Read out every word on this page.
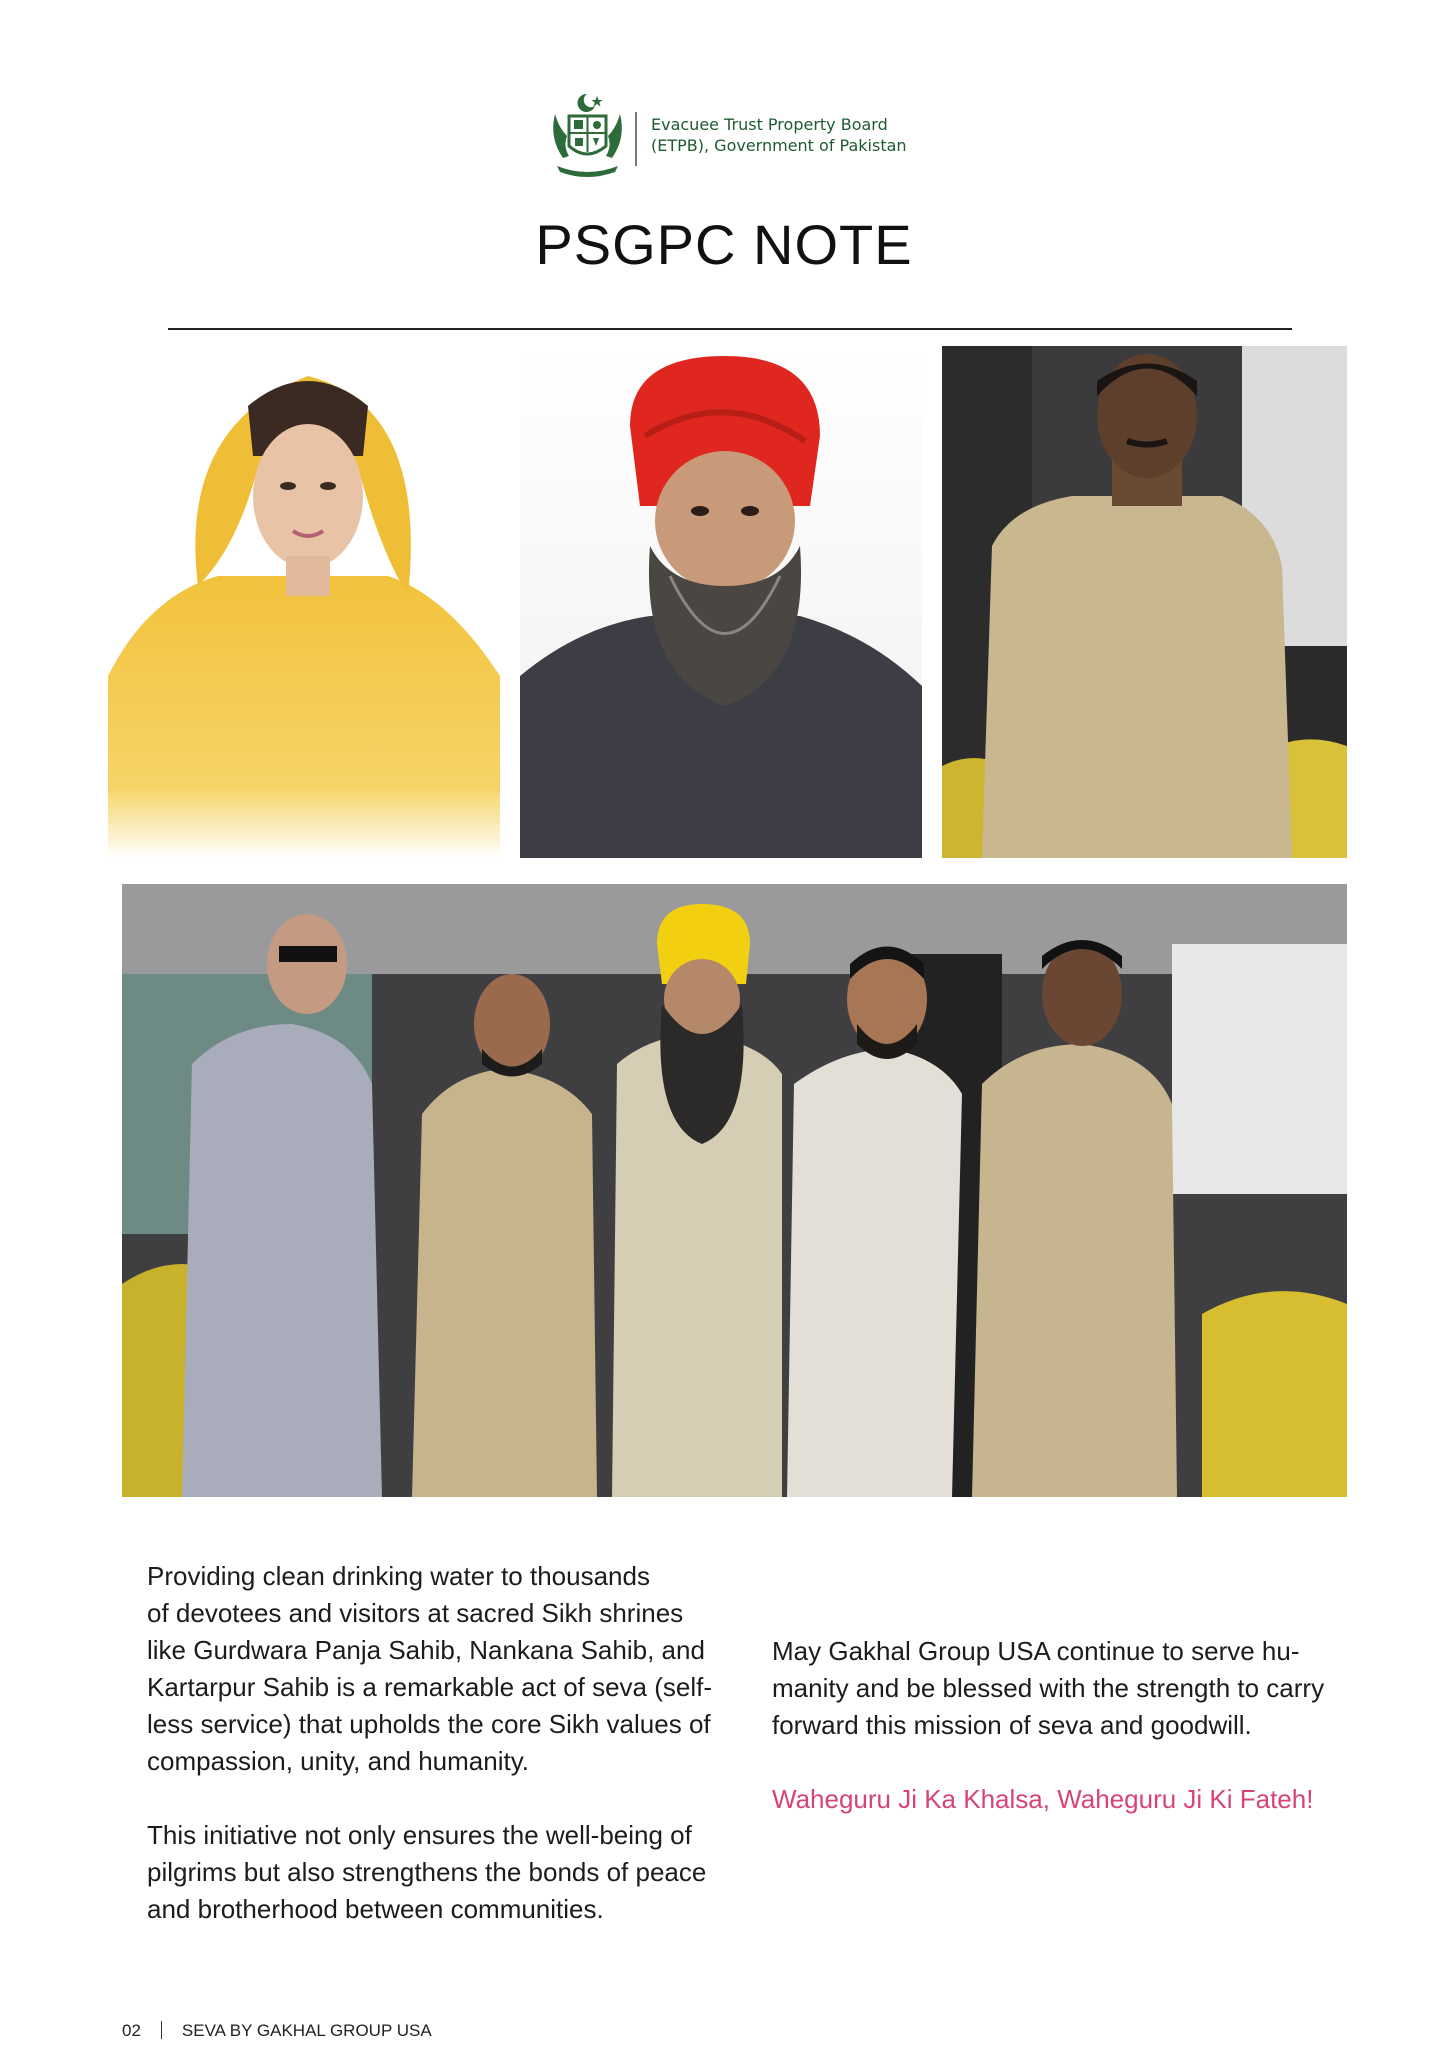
Evacuee Trust Property Board
(ETPB), Government of Pakistan
PSGPC NOTE

Providing clean drinking water to thousands
of devotees and visitors at sacred Sikh shrines
like Gurdwara Panja Sahib, Nankana Sahib, and
Kartarpur Sahib is a remarkable act of seva (self-
less service) that upholds the core Sikh values of
compassion, unity, and humanity.

This initiative not only ensures the well-being of
pilgrims but also strengthens the bonds of peace
and brotherhood between communities.

May Gakhal Group USA continue to serve hu-
manity and be blessed with the strength to carry
forward this mission of seva and goodwill.
Waheguru Ji Ka Khalsa, Waheguru Ji Ki Fateh!
02 SEVA BY GAKHAL GROUP USA
